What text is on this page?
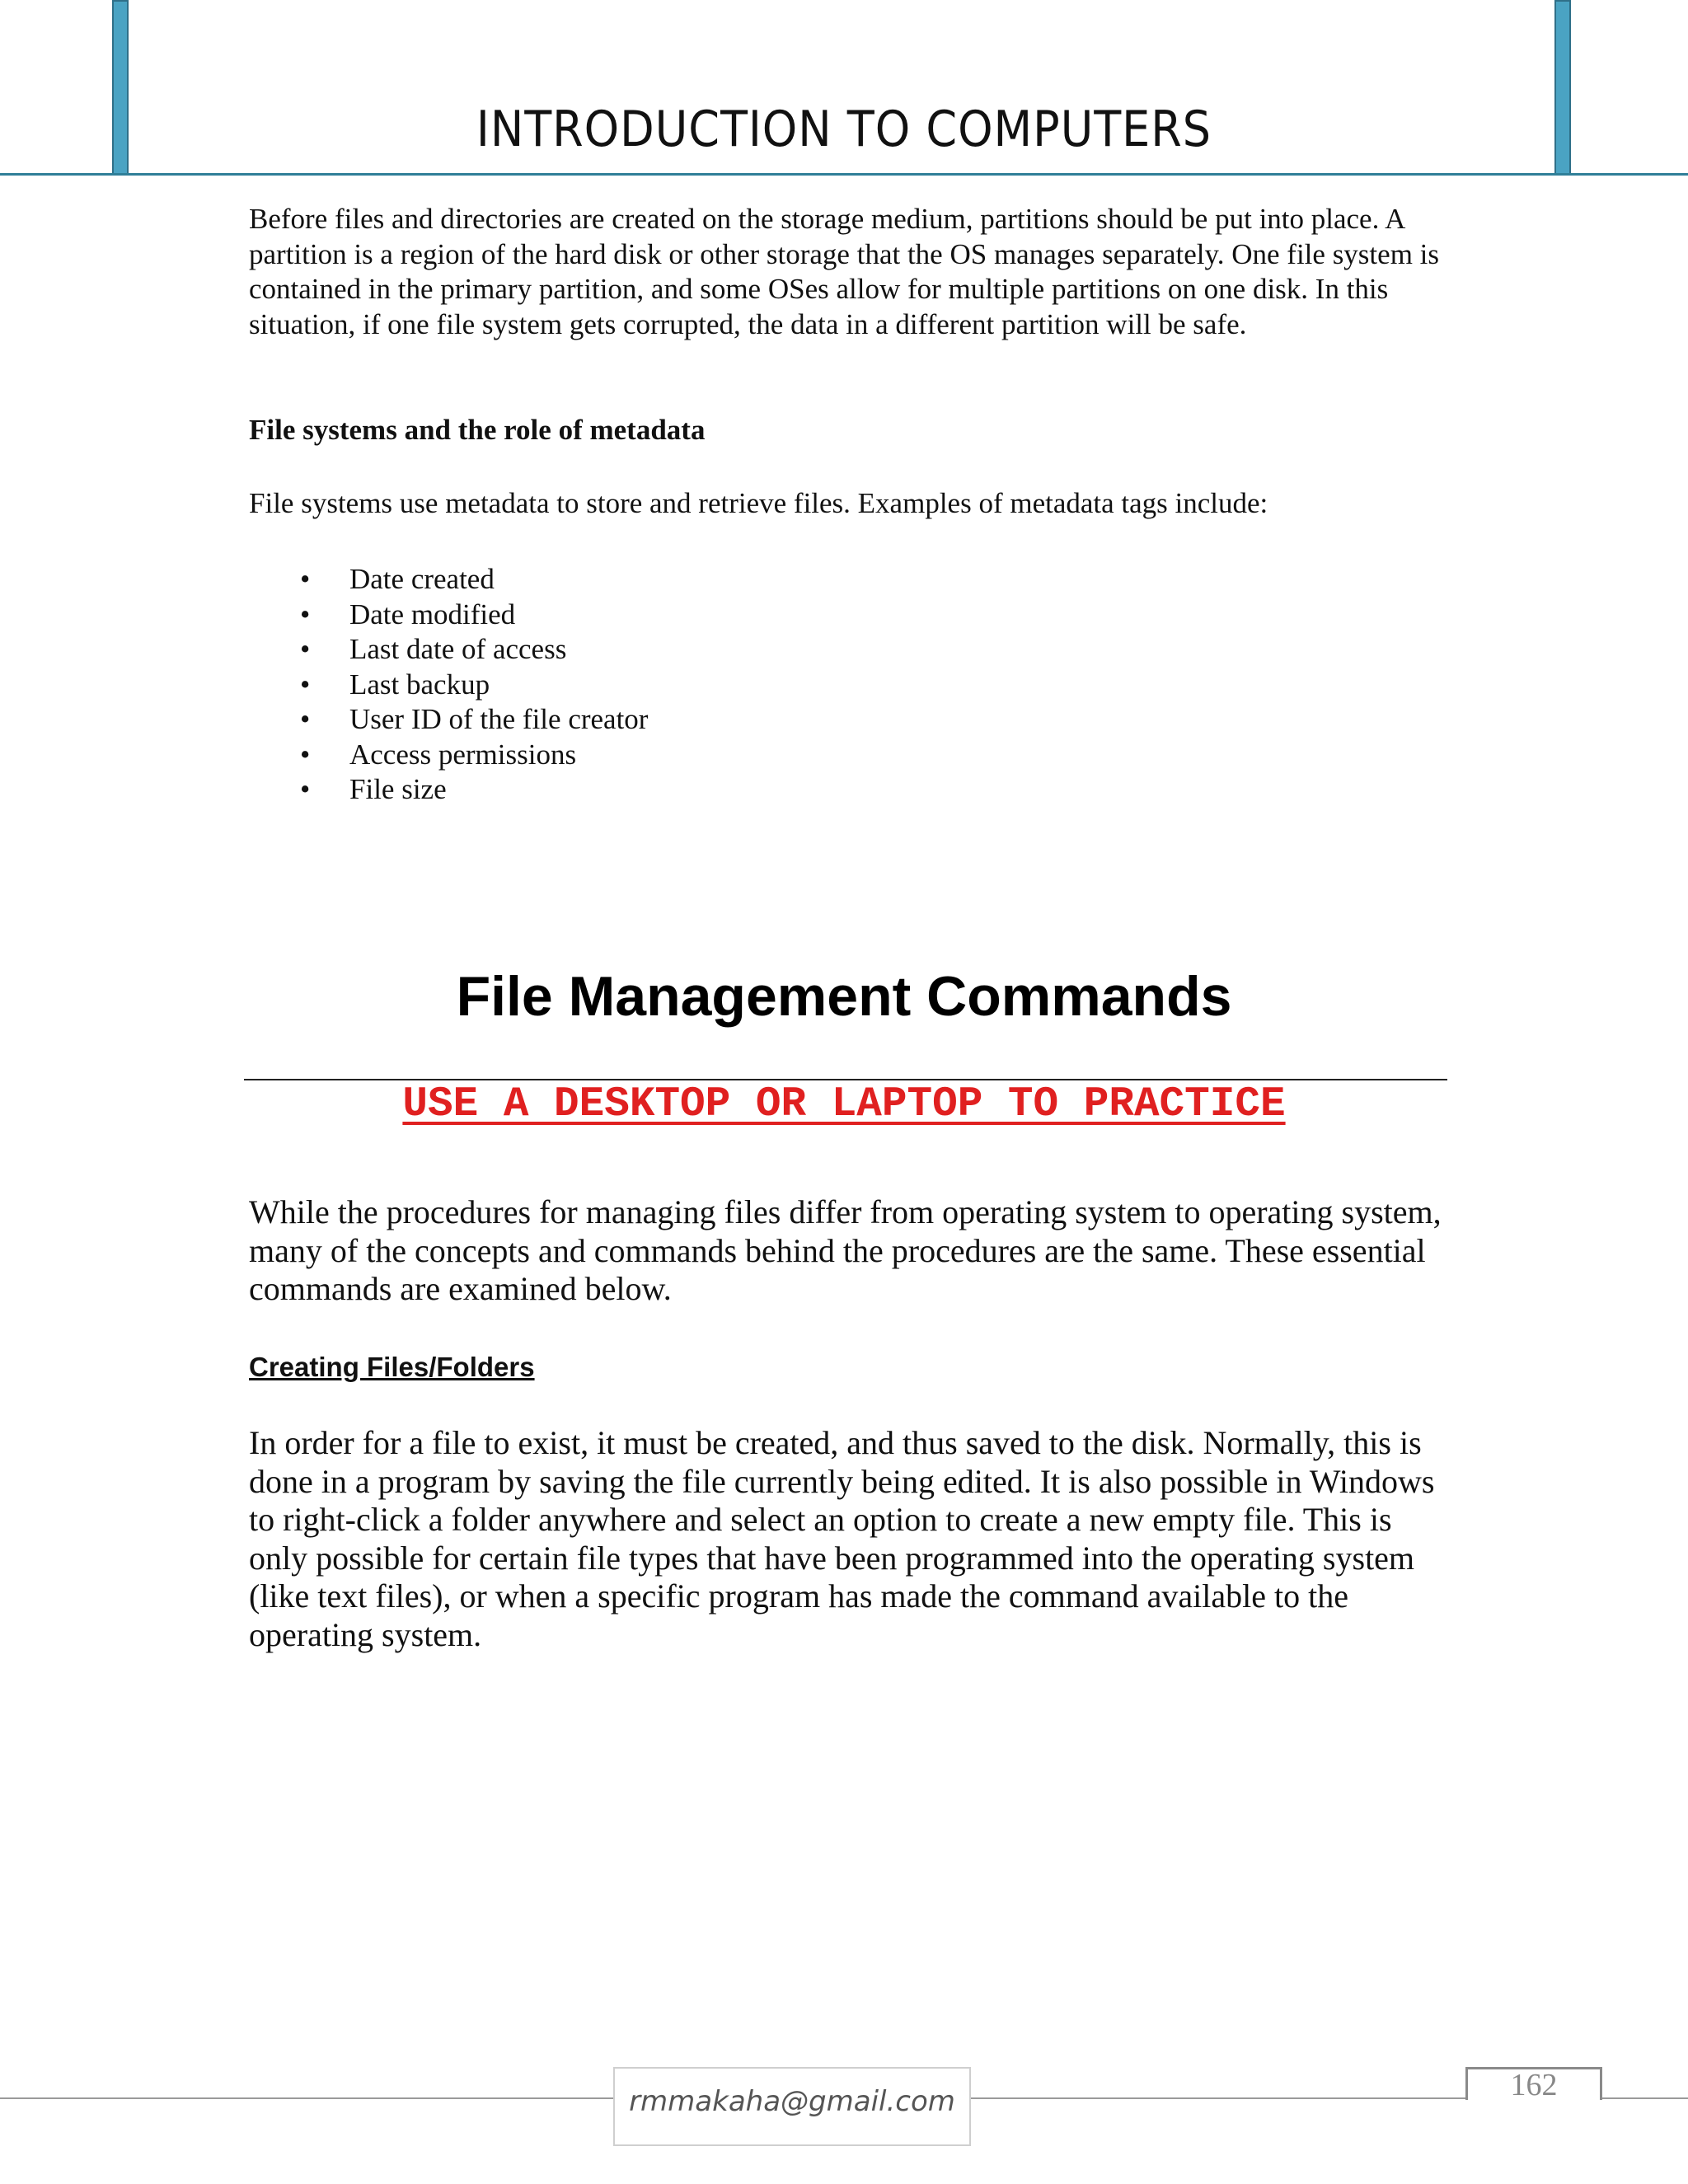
INTRODUCTION TO COMPUTERS

Before files and directories are created on the storage medium, partitions should be put into place. A partition is a region of the hard disk or other storage that the OS manages separately. One file system is contained in the primary partition, and some OSes allow for multiple partitions on one disk. In this situation, if one file system gets corrupted, the data in a different partition will be safe.

File systems and the role of metadata

File systems use metadata to store and retrieve files. Examples of metadata tags include:

• Date created
• Date modified
• Last date of access
• Last backup
• User ID of the file creator
• Access permissions
• File size
File Management Commands
USE A DESKTOP OR LAPTOP TO PRACTICE

While the procedures for managing files differ from operating system to operating system, many of the concepts and commands behind the procedures are the same. These essential commands are examined below.

Creating Files/Folders

In order for a file to exist, it must be created, and thus saved to the disk. Normally, this is done in a program by saving the file currently being edited. It is also possible in Windows to right-click a folder anywhere and select an option to create a new empty file. This is only possible for certain file types that have been programmed into the operating system (like text files), or when a specific program has made the command available to the operating system.

rmmakaha@gmail.com	162
